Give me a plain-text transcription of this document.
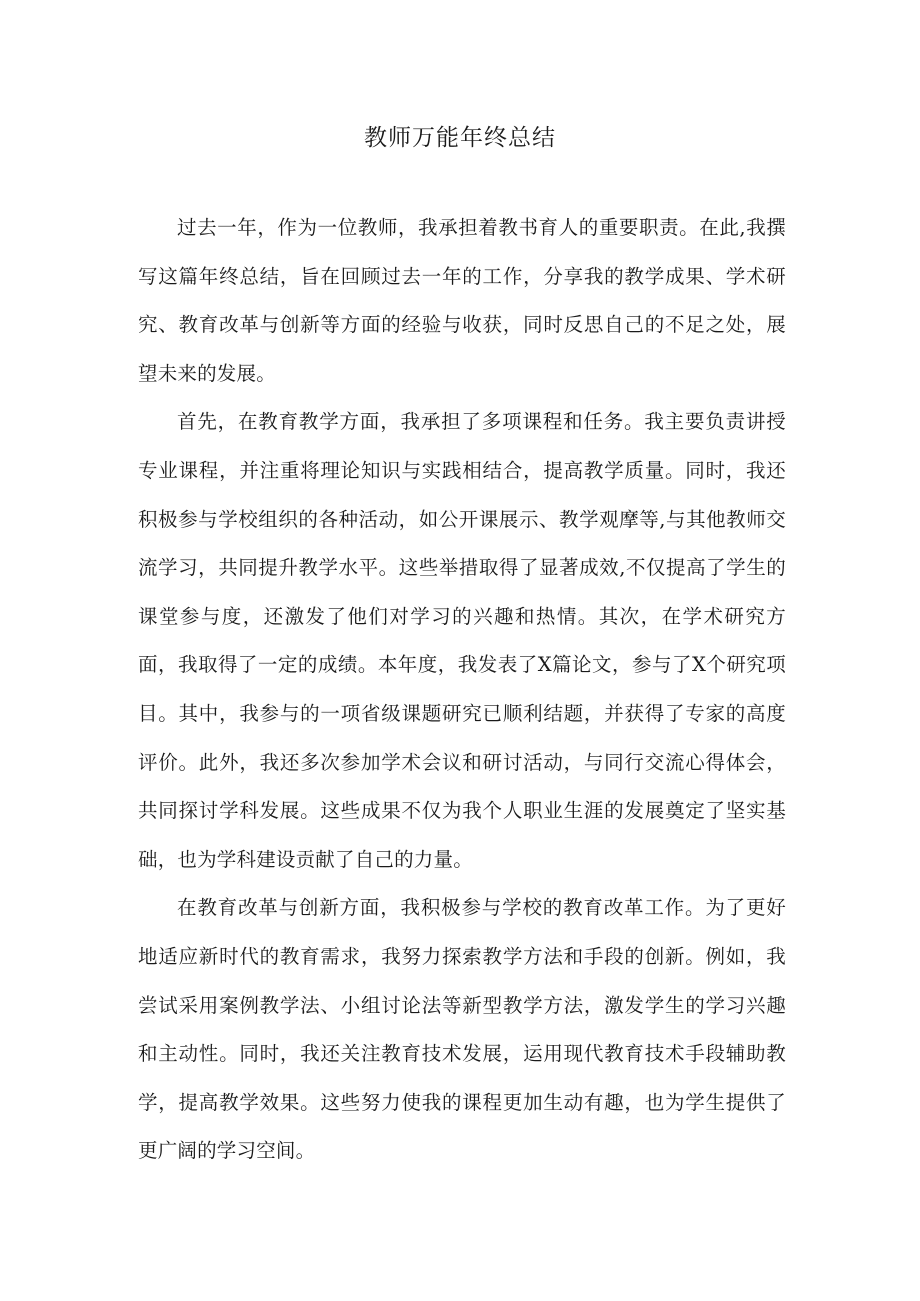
教师万能年终总结

过去一年，作为一位教师，我承担着教书育人的重要职责。在此,我撰写这篇年终总结，旨在回顾过去一年的工作，分享我的教学成果、学术研究、教育改革与创新等方面的经验与收获，同时反思自己的不足之处，展望未来的发展。

首先，在教育教学方面，我承担了多项课程和任务。我主要负责讲授专业课程，并注重将理论知识与实践相结合，提高教学质量。同时，我还积极参与学校组织的各种活动，如公开课展示、教学观摩等,与其他教师交流学习，共同提升教学水平。这些举措取得了显著成效,不仅提高了学生的课堂参与度，还激发了他们对学习的兴趣和热情。其次，在学术研究方面，我取得了一定的成绩。本年度，我发表了X篇论文，参与了X个研究项目。其中，我参与的一项省级课题研究已顺利结题，并获得了专家的高度评价。此外，我还多次参加学术会议和研讨活动，与同行交流心得体会，共同探讨学科发展。这些成果不仅为我个人职业生涯的发展奠定了坚实基础，也为学科建设贡献了自己的力量。

在教育改革与创新方面，我积极参与学校的教育改革工作。为了更好地适应新时代的教育需求，我努力探索教学方法和手段的创新。例如，我尝试采用案例教学法、小组讨论法等新型教学方法，激发学生的学习兴趣和主动性。同时，我还关注教育技术发展，运用现代教育技术手段辅助教学，提高教学效果。这些努力使我的课程更加生动有趣，也为学生提供了更广阔的学习空间。
